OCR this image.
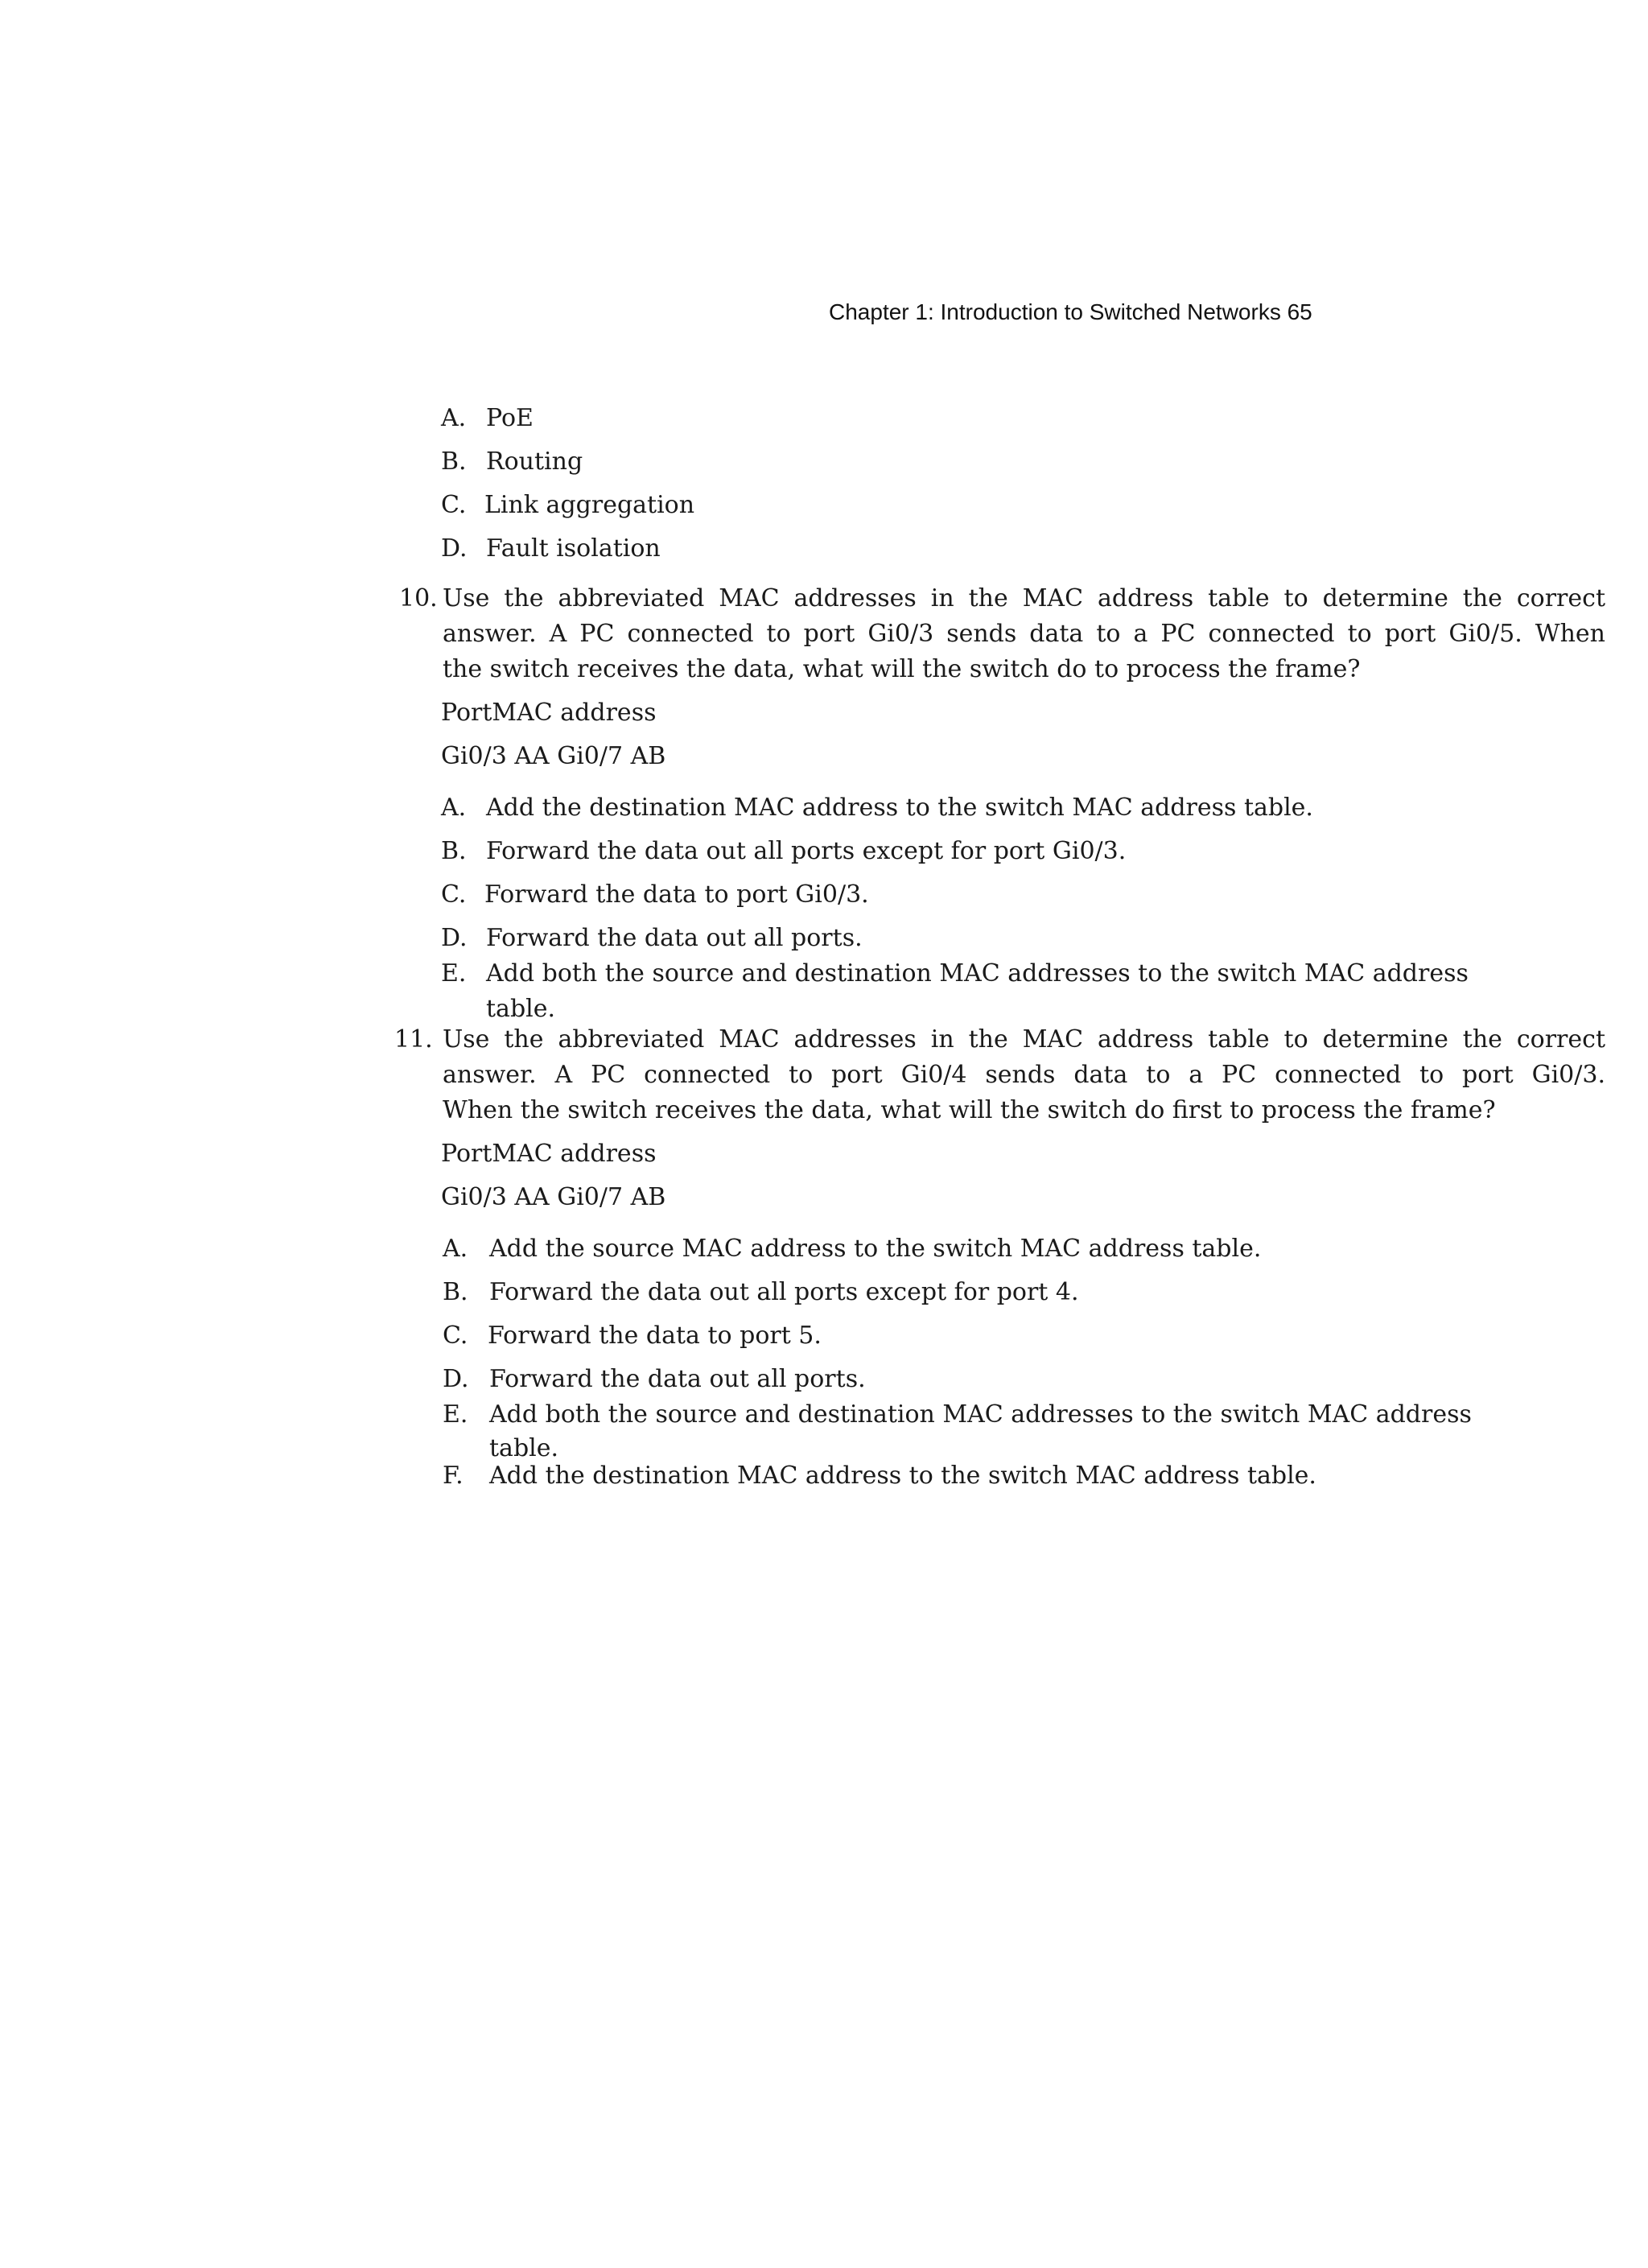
Chapter 1: Introduction to Switched Networks 65
A. PoE
B. Routing
C. Link aggregation
D. Fault isolation
10. Use the abbreviated MAC addresses in the MAC address table to determine the correct
answer. A PC connected to port Gi0/3 sends data to a PC connected to port Gi0/5. When
the switch receives the data, what will the switch do to process the frame?
PortMAC address
Gi0/3 AA Gi0/7 AB
A. Add the destination MAC address to the switch MAC address table.
B. Forward the data out all ports except for port Gi0/3.
C. Forward the data to port Gi0/3.
D. Forward the data out all ports.
E. Add both the source and destination MAC addresses to the switch MAC address
table.
11. Use the abbreviated MAC addresses in the MAC address table to determine the correct
answer. A PC connected to port Gi0/4 sends data to a PC connected to port Gi0/3.
When the switch receives the data, what will the switch do first to process the frame?
PortMAC address
Gi0/3 AA Gi0/7 AB
A. Add the source MAC address to the switch MAC address table.
B. Forward the data out all ports except for port 4.
C. Forward the data to port 5.
D. Forward the data out all ports.
E. Add both the source and destination MAC addresses to the switch MAC address
table.
F. Add the destination MAC address to the switch MAC address table.
